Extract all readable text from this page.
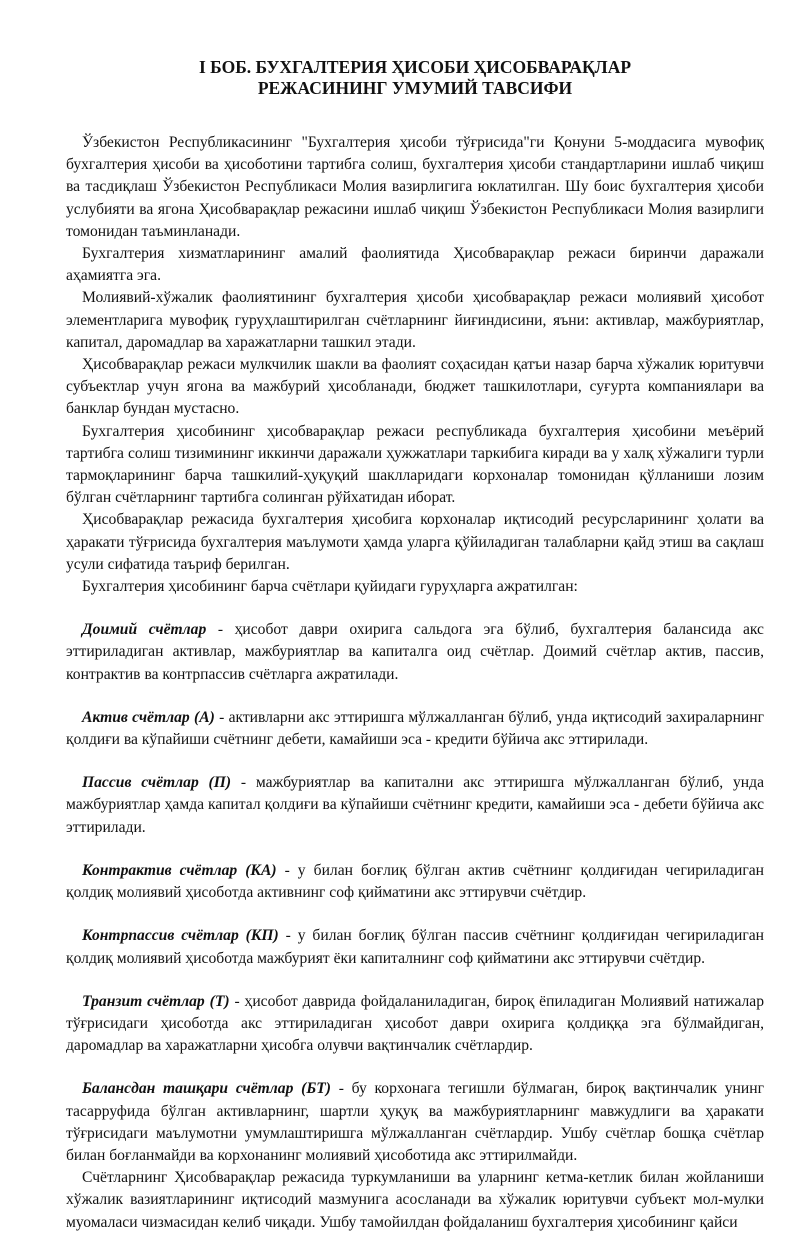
I БОБ. БУХГАЛТЕРИЯ ҲИСОБИ ҲИСОБВАРАҚЛАР
РЕЖАСИНИНГ УМУМИЙ ТАВСИФИ

Ўзбекистон Республикасининг "Бухгалтерия ҳисоби тўғрисида"ги Қонуни 5-моддасига мувофиқ бухгалтерия ҳисоби ва ҳисоботини тартибга солиш, бухгалтерия ҳисоби стандартларини ишлаб чиқиш ва тасдиқлаш Ўзбекистон Республикаси Молия вазирлигига юклатилган. Шу боис бухгалтерия ҳисоби услубияти ва ягона Ҳисобварақлар режасини ишлаб чиқиш Ўзбекистон Республикаси Молия вазирлиги томонидан таъминланади.

Бухгалтерия хизматларининг амалий фаолиятида Ҳисобварақлар режаси биринчи даражали аҳамиятга эга.

Молиявий-хўжалик фаолиятининг бухгалтерия ҳисоби ҳисобварақлар режаси молиявий ҳисобот элементларига мувофиқ гуруҳлаштирилган счётларнинг йиғиндисини, яъни: активлар, мажбуриятлар, капитал, даромадлар ва харажатларни ташкил этади.

Ҳисобварақлар режаси мулкчилик шакли ва фаолият соҳасидан қатъи назар барча хўжалик юритувчи субъектлар учун ягона ва мажбурий ҳисобланади, бюджет ташкилотлари, суғурта компаниялари ва банклар бундан мустасно.

Бухгалтерия ҳисобининг ҳисобварақлар режаси республикада бухгалтерия ҳисобини меъёрий тартибга солиш тизимининг иккинчи даражали ҳужжатлари таркибига киради ва у халқ хўжалиги турли тармоқларининг барча ташкилий-ҳуқуқий шаклларидаги корхоналар томонидан қўлланиши лозим бўлган счётларнинг тартибга солинган рўйхатидан иборат.

Ҳисобварақлар режасида бухгалтерия ҳисобига корхоналар иқтисодий ресурсларининг ҳолати ва ҳаракати тўғрисида бухгалтерия маълумоти ҳамда уларга қўйиладиган талабларни қайд этиш ва сақлаш усули сифатида таъриф берилган.

Бухгалтерия ҳисобининг барча счётлари қуйидаги гуруҳларга ажратилган:

Доимий счётлар - ҳисобот даври охирига сальдога эга бўлиб, бухгалтерия балансида акс эттириладиган активлар, мажбуриятлар ва капиталга оид счётлар. Доимий счётлар актив, пассив, контрактив ва контрпассив счётларга ажратилади.

Актив счётлар (А) - активларни акс эттиришга мўлжалланган бўлиб, унда иқтисодий захираларнинг қолдиғи ва кўпайиши счётнинг дебети, камайиши эса - кредити бўйича акс эттирилади.

Пассив счётлар (П) - мажбуриятлар ва капитални акс эттиришга мўлжалланган бўлиб, унда мажбуриятлар ҳамда капитал қолдиғи ва кўпайиши счётнинг кредити, камайиши эса - дебети бўйича акс эттирилади.

Контрактив счётлар (КА) - у билан боғлиқ бўлган актив счётнинг қолдиғидан чегириладиган қолдиқ молиявий ҳисоботда активнинг соф қийматини акс эттирувчи счётдир.

Контрпассив счётлар (КП) - у билан боғлиқ бўлган пассив счётнинг қолдиғидан чегириладиган қолдиқ молиявий ҳисоботда мажбурият ёки капиталнинг соф қийматини акс эттирувчи счётдир.

Транзит счётлар (Т) - ҳисобот даврида фойдаланиладиган, бироқ ёпиладиган Молиявий натижалар тўғрисидаги ҳисоботда акс эттириладиган ҳисобот даври охирига қолдиққа эга бўлмайдиган, даромадлар ва харажатларни ҳисобга олувчи вақтинчалик счётлардир.

Балансдан ташқари счётлар (БТ) - бу корхонага тегишли бўлмаган, бироқ вақтинчалик унинг тасарруфида бўлган активларнинг, шартли ҳуқуқ ва мажбуриятларнинг мавжудлиги ва ҳаракати тўғрисидаги маълумотни умумлаштиришга мўлжалланган счётлардир. Ушбу счётлар бошқа счётлар билан боғланмайди ва корхонанинг молиявий ҳисоботида акс эттирилмайди.

Счётларнинг Ҳисобварақлар режасида туркумланиши ва уларнинг кетма-кетлик билан жойланиши хўжалик вазиятларининг иқтисодий мазмунига асосланади ва хўжалик юритувчи субъект мол-мулки муомаласи чизмасидан келиб чиқади. Ушбу тамойилдан фойдаланиш бухгалтерия ҳисобининг қайси
